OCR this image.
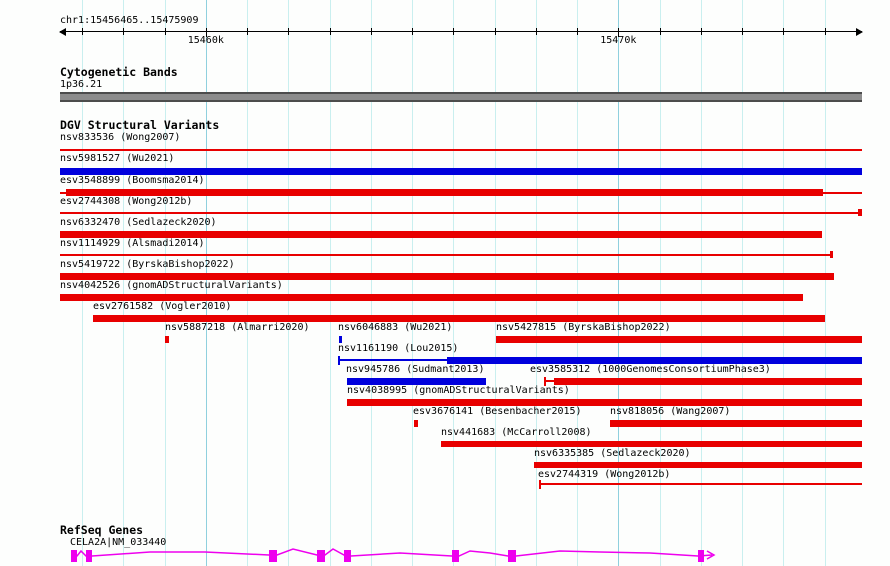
chr1:15456465..15475909
15460k	15470k
Cytogenetic Bands
1p36.21
DGV Structural Variants
nsv833536 (Wong2007)
nsv5981527 (Wu2021)
esv3548899 (Boomsma2014)
esv2744308 (Wong2012b)
nsv6332470 (Sedlazeck2020)
nsv1114929 (Alsmadi2014)
nsv5419722 (ByrskaBishop2022)
nsv4042526 (gnomADStructuralVariants)
esv2761582 (Vogler2010)
nsv5887218 (Almarri2020)	nsv6046883 (Wu2021)	nsv5427815 (ByrskaBishop2022)
nsv1161190 (Lou2015)
nsv945786 (Sudmant2013)	esv3585312 (1000GenomesConsortiumPhase3)
nsv4038995 (gnomADStructuralVariants)
esv3676141 (Besenbacher2015)	nsv818056 (Wang2007)
nsv441683 (McCarroll2008)
nsv6335385 (Sedlazeck2020)
esv2744319 (Wong2012b)
RefSeq Genes
CELA2A|NM_033440
